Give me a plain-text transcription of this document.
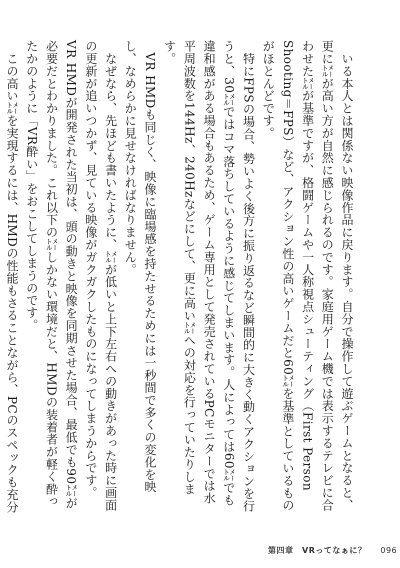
　いる本人とは関係ない映像作品に戻ります。自分で操作して遊ぶゲームとなると、更に㍍が高い方が自然に感じられるのです。家庭用ゲーム機では表示するテレビに合わせた㍍が基準ですが、格闘ゲームや一人称視点シューティング（First Person Shooting＝FPS）など、アクション性の高いゲームだと60㍍を基準としているものがほとんどです。
　特にFPSの場合、勢いよく後方に振り返るなど瞬間的に大きく動くアクションを行うと、30㍍ではコマ落ちしているように感じてしまいます。人によっては60㍍でも違和感がある場合もあるため、ゲーム専用として発売されているPCモニターでは水平周波数を144Hz、240Hzなどにして、更に高い㍍への対応を行っていたりします。
　VR HMDも同じく、映像に臨場感を持たせるためには一秒間で多くの変化を映し、なめらかに見せなければなりません。
　なぜなら、先ほども書いたように、㍍が低いと上下左右への動きがあった時に画面の更新が追いつかず、見ている映像がガクガクしたものになってしまうからです。VR HMDが開発された当初は、頭の動きと映像を同期させた場合、最低でも90㍍が必要だとわかりました。これ以下の㍍しかない環境だと、HMDの装着者が軽く酔ったかのように「VR酔い」をおこしてしまうのです。
　この高い㍍を実現するには、HMDの性能もさることながら、PCのスペックも充分
第四章　VRってなぁに？ 096
